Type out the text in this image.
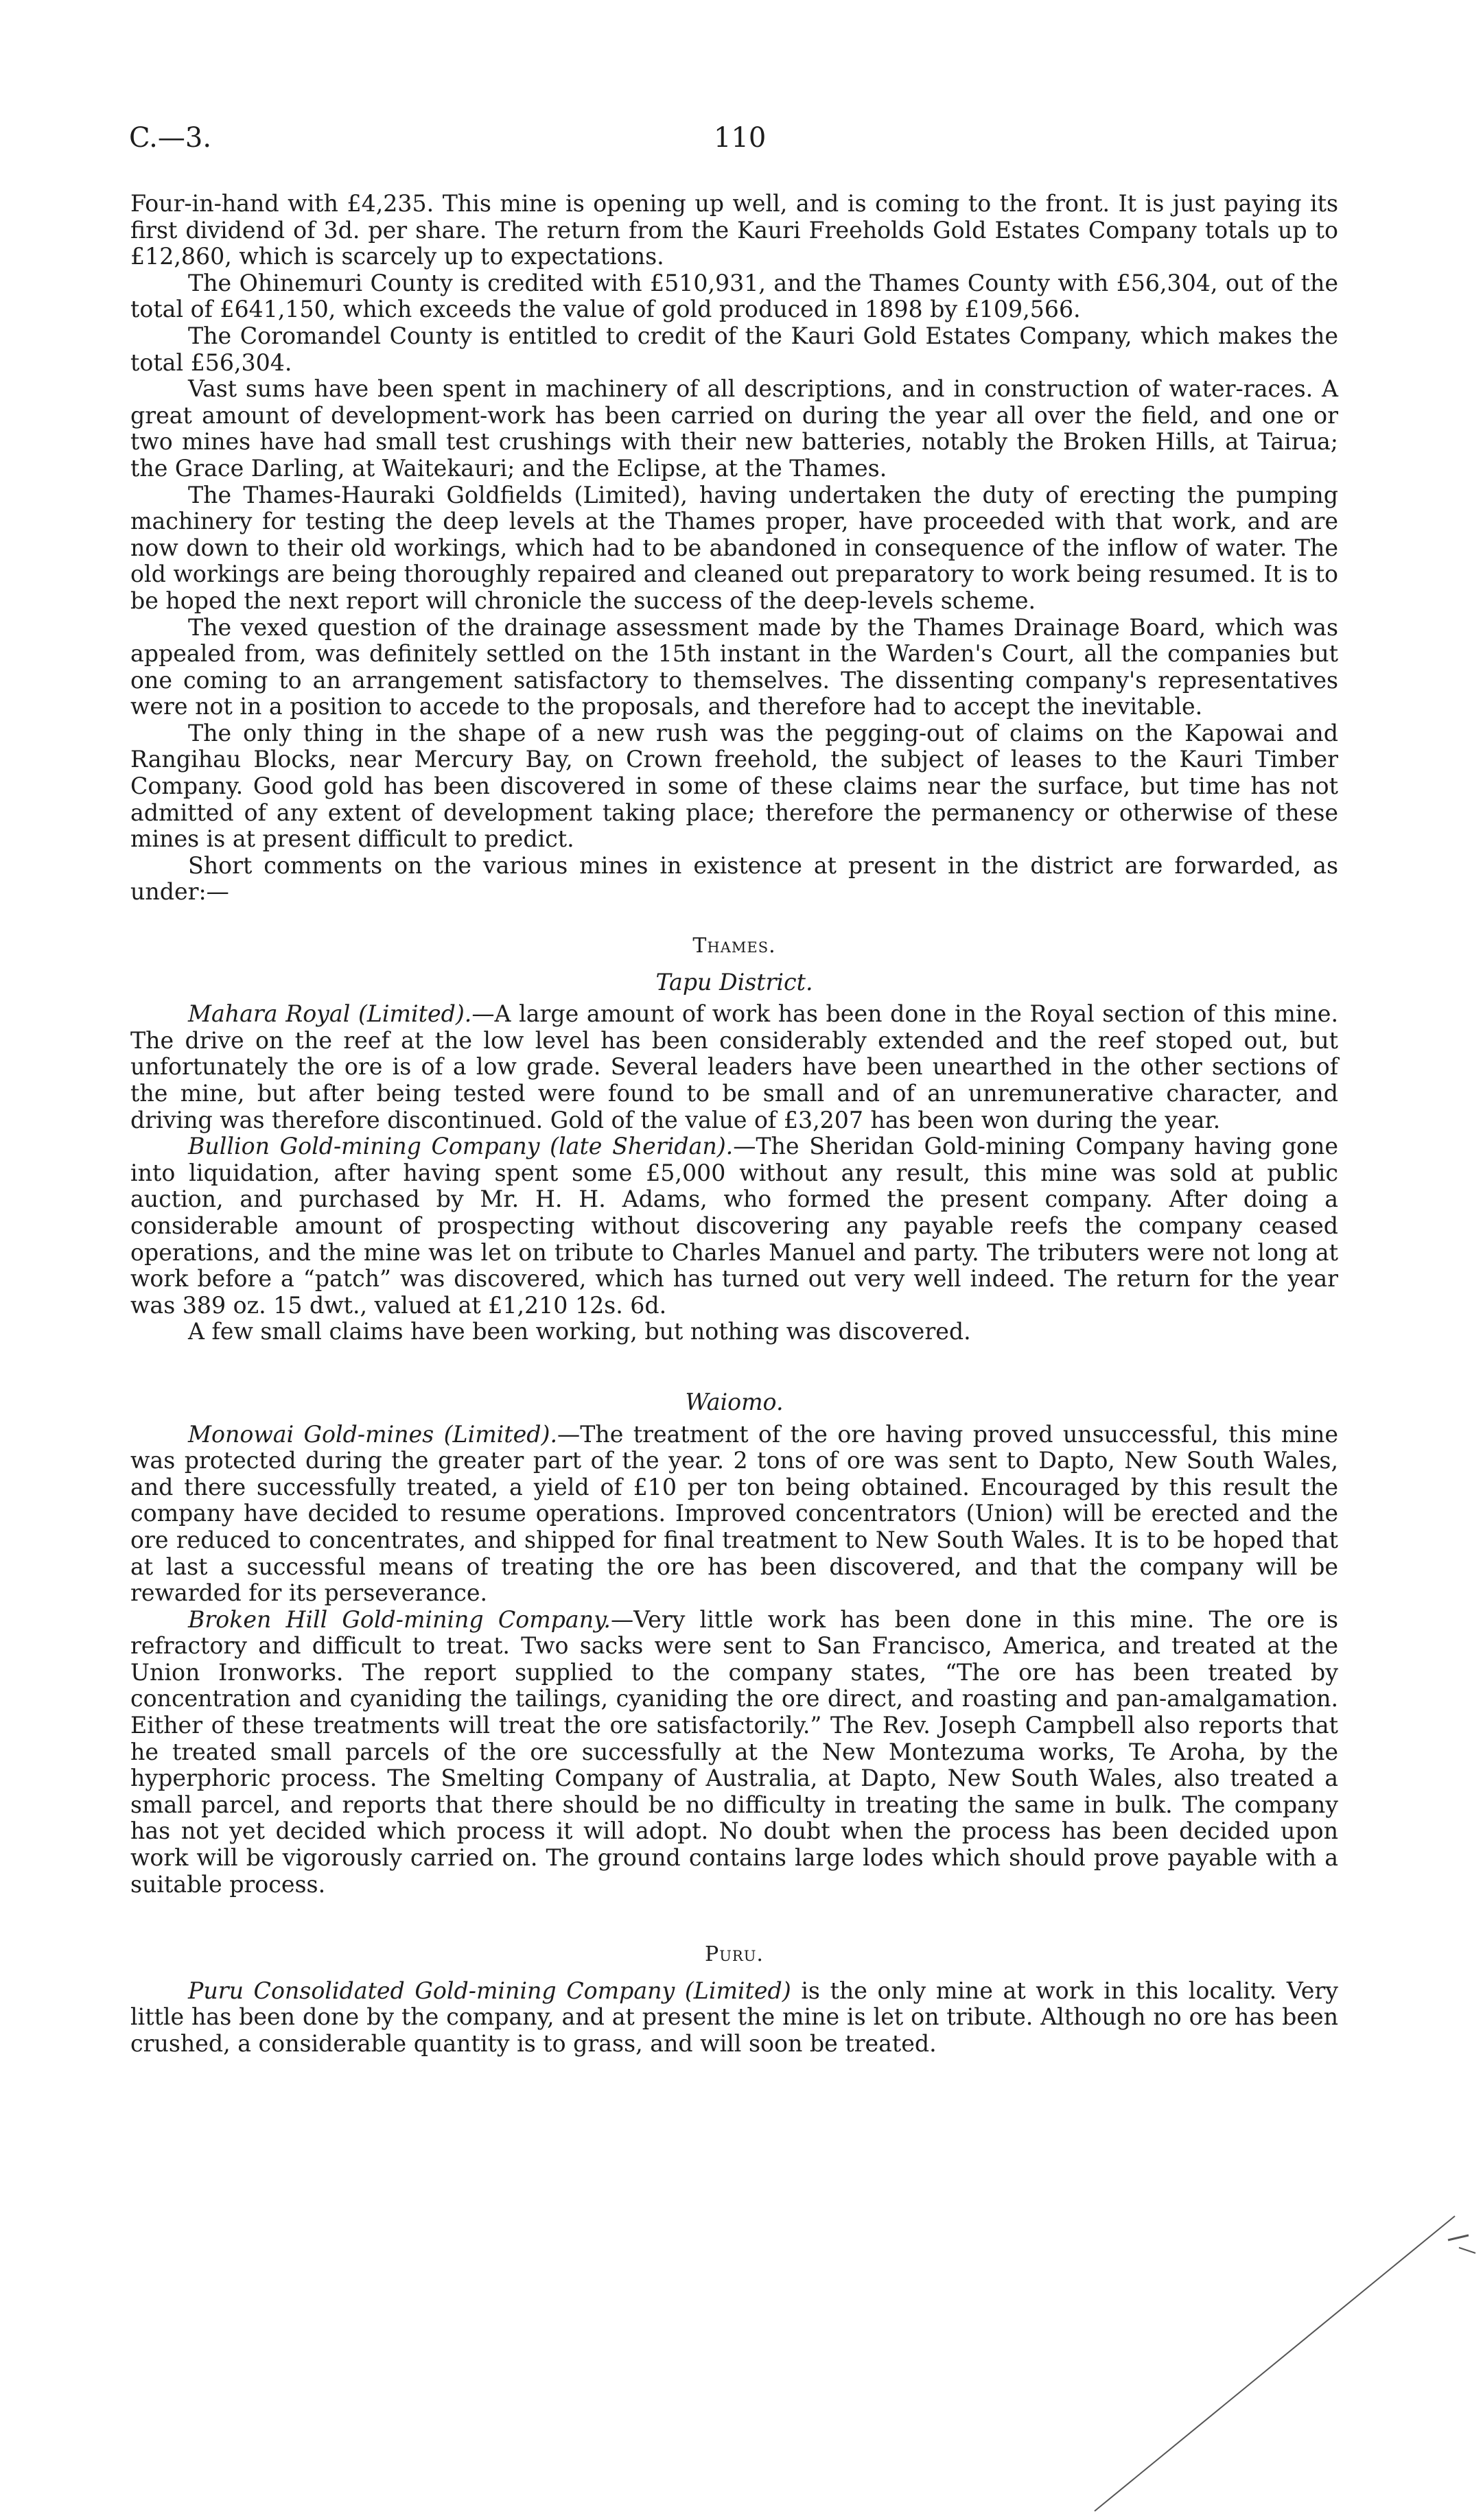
C.—3.	110

Four-in-hand with £4,235. This mine is opening up well, and is coming to the front. It is just paying its first dividend of 3d. per share. The return from the Kauri Freeholds Gold Estates Company totals up to £12,860, which is scarcely up to expectations.

The Ohinemuri County is credited with £510,931, and the Thames County with £56,304, out of the total of £641,150, which exceeds the value of gold produced in 1898 by £109,566.

The Coromandel County is entitled to credit of the Kauri Gold Estates Company, which makes the total £56,304.

Vast sums have been spent in machinery of all descriptions, and in construction of water-races. A great amount of development-work has been carried on during the year all over the field, and one or two mines have had small test crushings with their new batteries, notably the Broken Hills, at Tairua; the Grace Darling, at Waitekauri; and the Eclipse, at the Thames.

The Thames-Hauraki Goldfields (Limited), having undertaken the duty of erecting the pumping machinery for testing the deep levels at the Thames proper, have proceeded with that work, and are now down to their old workings, which had to be abandoned in consequence of the inflow of water. The old workings are being thoroughly repaired and cleaned out preparatory to work being resumed. It is to be hoped the next report will chronicle the success of the deep-levels scheme.

The vexed question of the drainage assessment made by the Thames Drainage Board, which was appealed from, was definitely settled on the 15th instant in the Warden's Court, all the companies but one coming to an arrangement satisfactory to themselves. The dissenting company's representatives were not in a position to accede to the proposals, and therefore had to accept the inevitable.

The only thing in the shape of a new rush was the pegging-out of claims on the Kapowai and Rangihau Blocks, near Mercury Bay, on Crown freehold, the subject of leases to the Kauri Timber Company. Good gold has been discovered in some of these claims near the surface, but time has not admitted of any extent of development taking place; therefore the permanency or otherwise of these mines is at present difficult to predict.

Short comments on the various mines in existence at present in the district are forwarded, as under:—

Thames.
Tapu District.

Mahara Royal (Limited).—A large amount of work has been done in the Royal section of this mine. The drive on the reef at the low level has been considerably extended and the reef stoped out, but unfortunately the ore is of a low grade. Several leaders have been unearthed in the other sections of the mine, but after being tested were found to be small and of an unremunerative character, and driving was therefore discontinued. Gold of the value of £3,207 has been won during the year.

Bullion Gold-mining Company (late Sheridan).—The Sheridan Gold-mining Company having gone into liquidation, after having spent some £5,000 without any result, this mine was sold at public auction, and purchased by Mr. H. H. Adams, who formed the present company. After doing a considerable amount of prospecting without discovering any payable reefs the company ceased operations, and the mine was let on tribute to Charles Manuel and party. The tributers were not long at work before a “patch” was discovered, which has turned out very well indeed. The return for the year was 389 oz. 15 dwt., valued at £1,210 12s. 6d.

A few small claims have been working, but nothing was discovered.

Waiomo.

Monowai Gold-mines (Limited).—The treatment of the ore having proved unsuccessful, this mine was protected during the greater part of the year. 2 tons of ore was sent to Dapto, New South Wales, and there successfully treated, a yield of £10 per ton being obtained. Encouraged by this result the company have decided to resume operations. Improved concentrators (Union) will be erected and the ore reduced to concentrates, and shipped for final treatment to New South Wales. It is to be hoped that at last a successful means of treating the ore has been discovered, and that the company will be rewarded for its perseverance.

Broken Hill Gold-mining Company.—Very little work has been done in this mine. The ore is refractory and difficult to treat. Two sacks were sent to San Francisco, America, and treated at the Union Ironworks. The report supplied to the company states, “The ore has been treated by concentration and cyaniding the tailings, cyaniding the ore direct, and roasting and pan-amalgamation. Either of these treatments will treat the ore satisfactorily.” The Rev. Joseph Campbell also reports that he treated small parcels of the ore successfully at the New Montezuma works, Te Aroha, by the hyperphoric process. The Smelting Company of Australia, at Dapto, New South Wales, also treated a small parcel, and reports that there should be no difficulty in treating the same in bulk. The company has not yet decided which process it will adopt. No doubt when the process has been decided upon work will be vigorously carried on. The ground contains large lodes which should prove payable with a suitable process.

Puru.

Puru Consolidated Gold-mining Company (Limited) is the only mine at work in this locality. Very little has been done by the company, and at present the mine is let on tribute. Although no ore has been crushed, a considerable quantity is to grass, and will soon be treated.
